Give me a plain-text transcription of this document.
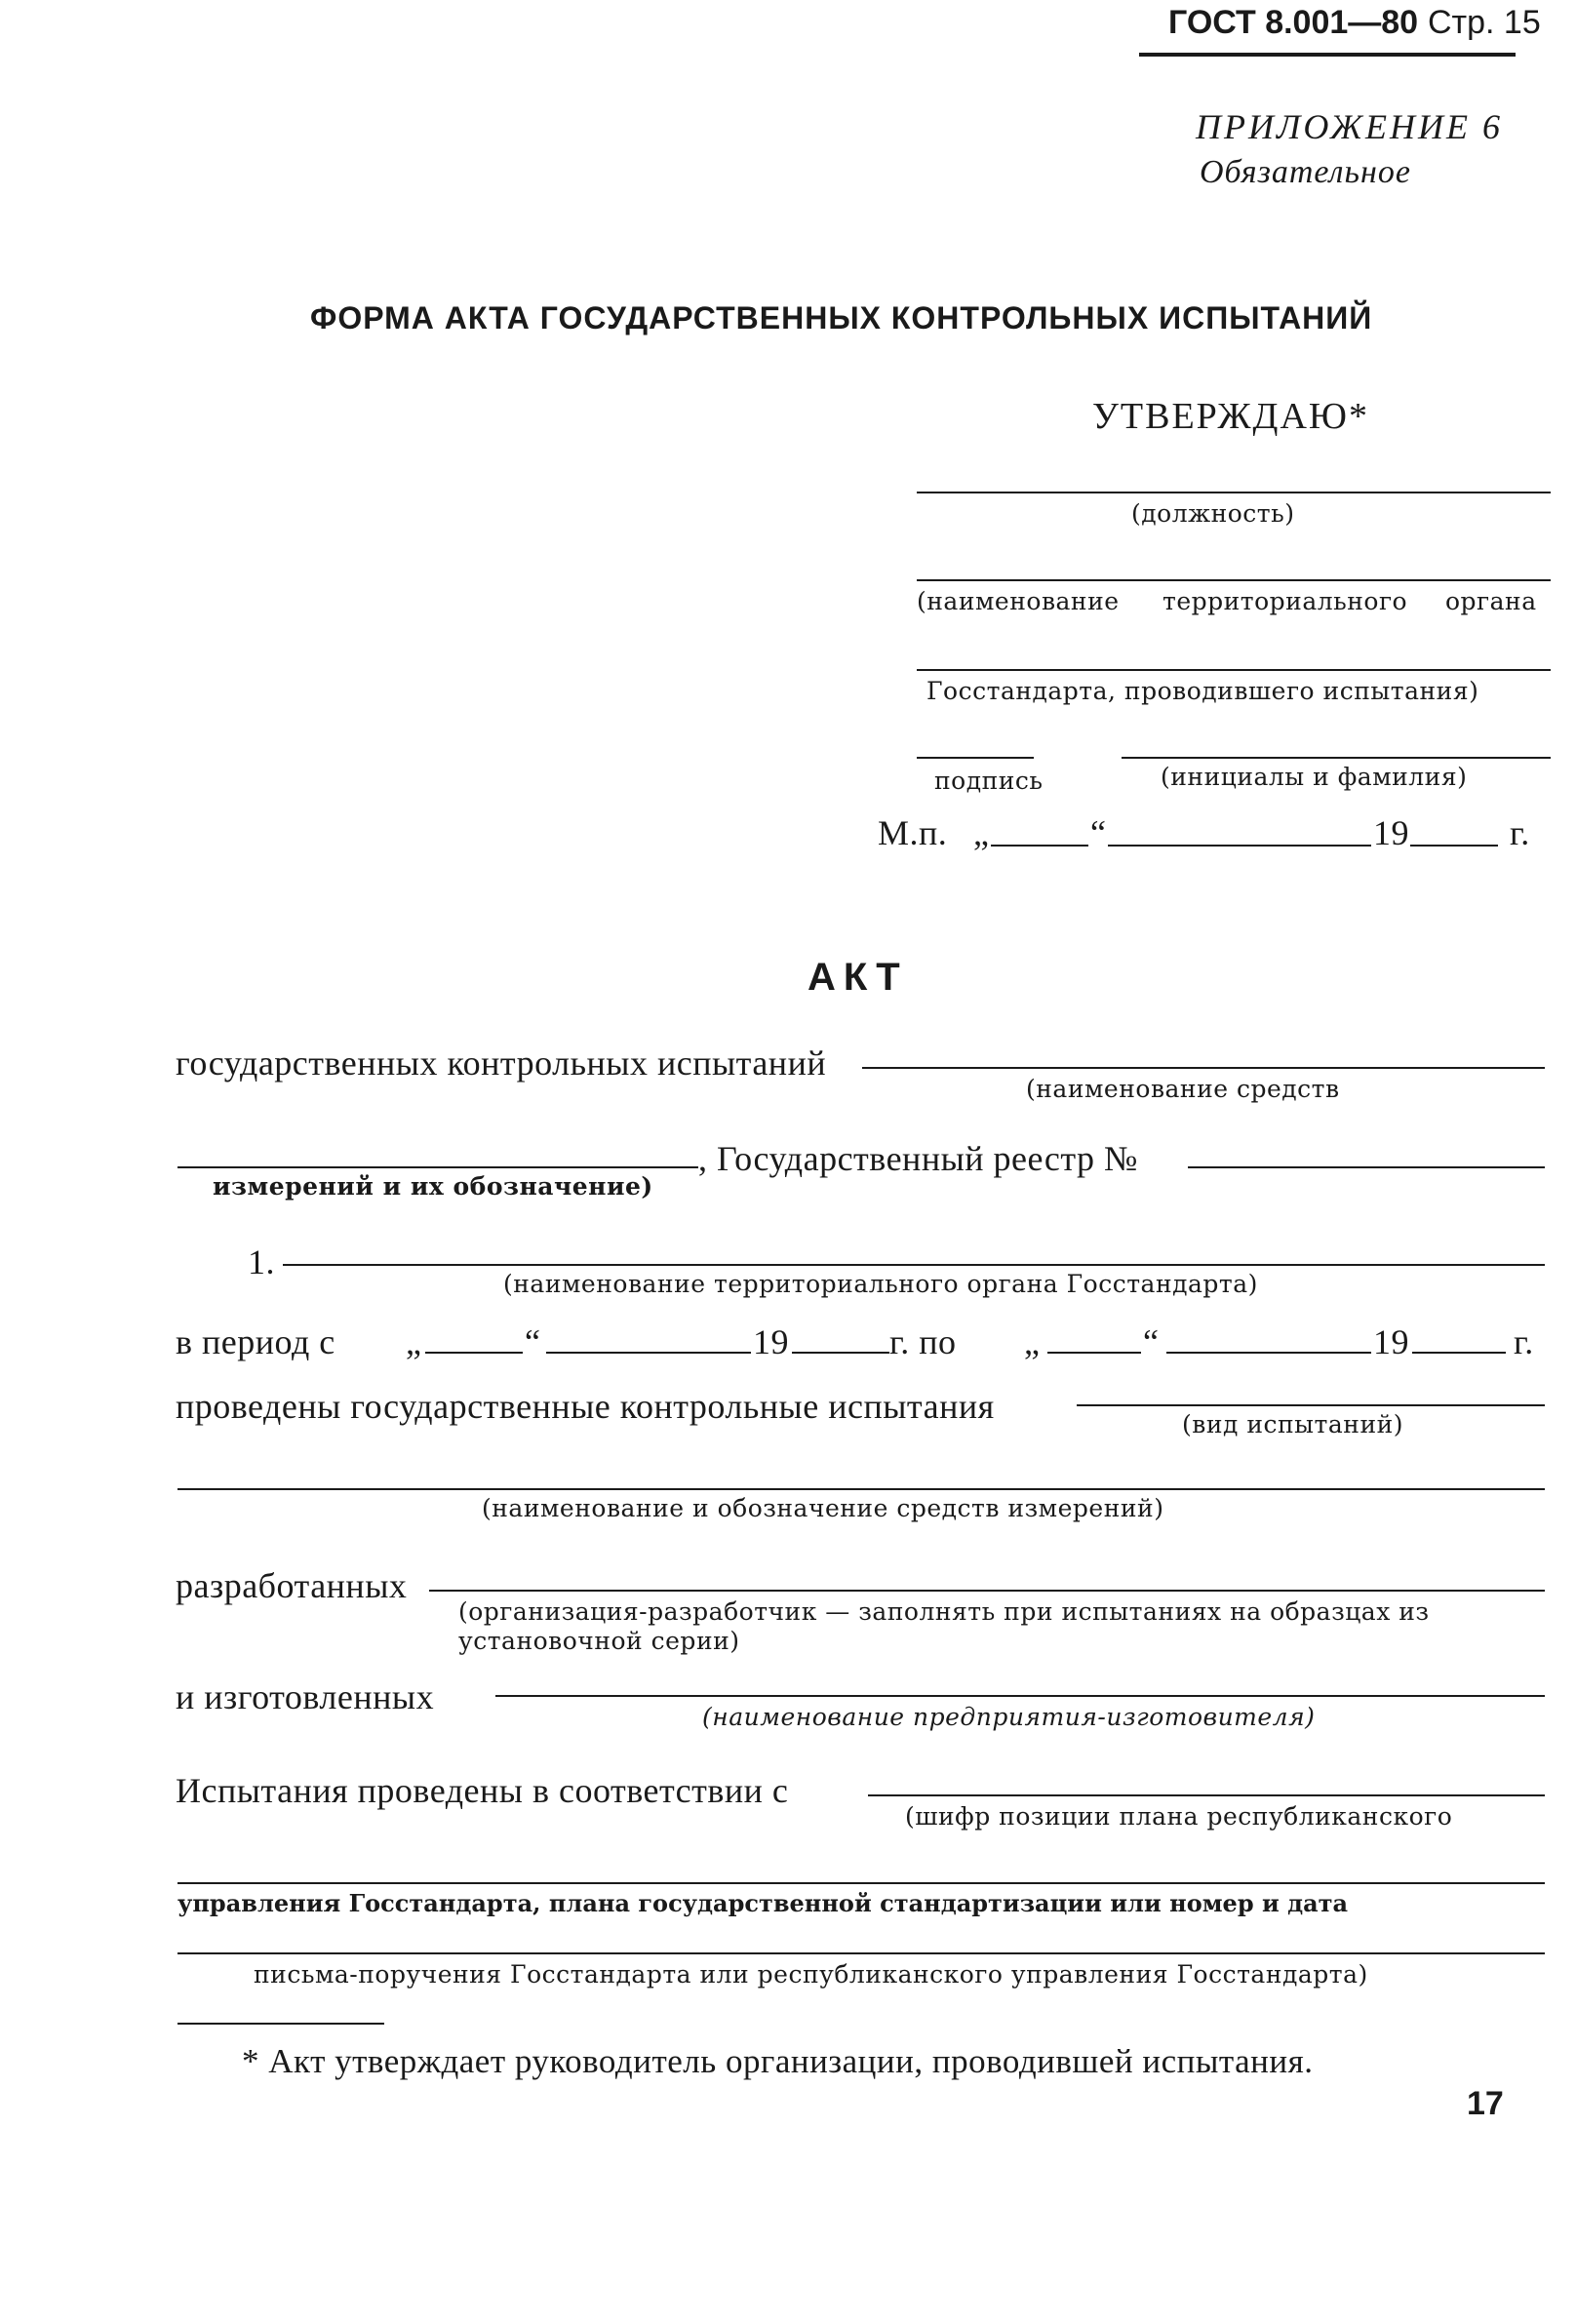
ГОСТ 8.001—80 Стр. 15
ПРИЛОЖЕНИЕ 6
Обязательное
ФОРМА АКТА ГОСУДАРСТВЕННЫХ КОНТРОЛЬНЫХ ИСПЫТАНИЙ
УТВЕРЖДАЮ*
(должность)
(наименование территориального органа
Госстандарта, проводившего испытания)
подпись	(инициалы и фамилия)
М.п. „	“	19	г.
АКТ
государственных контрольных испытаний
(наименование средств
измерений и их обозначение)
, Государственный реестр №
1.
(наименование территориального органа Госстандарта)
в период с „	“	19	г. по „	“	19	г.
проведены государственные контрольные испытания	(вид испытаний)
(наименование и обозначение средств измерений)
разработанных
(организация-разработчик — заполнять при испытаниях на образцах из
установочной серии)
и изготовленных
(наименование предприятия-изготовителя)
Испытания проведены в соответствии с
(шифр позиции плана республиканского
управления Госстандарта, плана государственной стандартизации или номер и дата
письма-поручения Госстандарта или республиканского управления Госстандарта)
* Акт утверждает руководитель организации, проводившей испытания.
17
